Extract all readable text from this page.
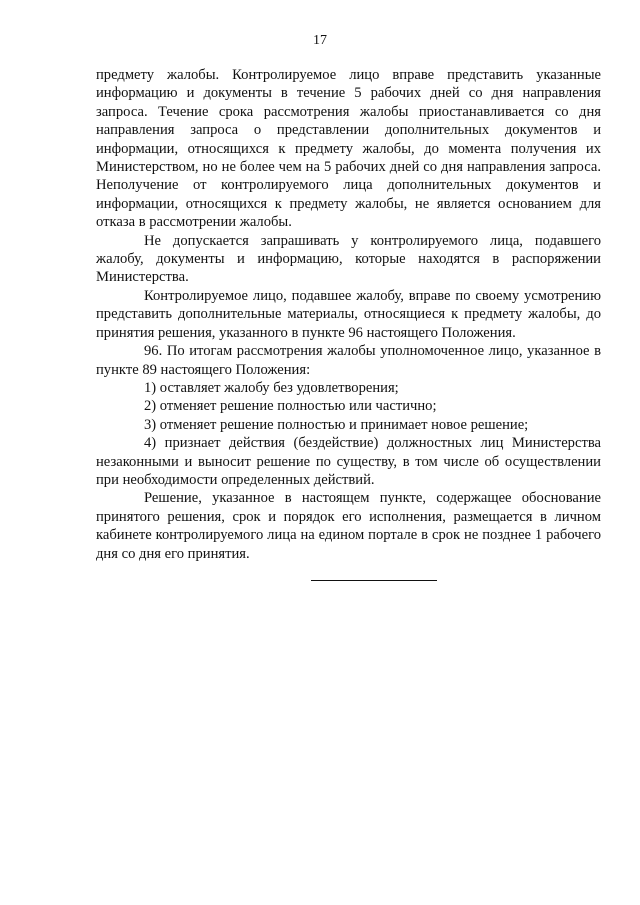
17

предмету жалобы. Контролируемое лицо вправе представить указанные информацию и документы в течение 5 рабочих дней со дня направления запроса. Течение срока рассмотрения жалобы приостанавливается со дня направления запроса о представлении дополнительных документов и информации, относящихся к предмету жалобы, до момента получения их Министерством, но не более чем на 5 рабочих дней со дня направления запроса. Неполучение от контролируемого лица дополнительных документов и информации, относящихся к предмету жалобы, не является основанием для отказа в рассмотрении жалобы.

Не допускается запрашивать у контролируемого лица, подавшего жалобу, документы и информацию, которые находятся в распоряжении Министерства.

Контролируемое лицо, подавшее жалобу, вправе по своему усмотрению представить дополнительные материалы, относящиеся к предмету жалобы, до принятия решения, указанного в пункте 96 настоящего Положения.

96. По итогам рассмотрения жалобы уполномоченное лицо, указанное в пункте 89 настоящего Положения:

1) оставляет жалобу без удовлетворения;

2) отменяет решение полностью или частично;

3) отменяет решение полностью и принимает новое решение;

4) признает действия (бездействие) должностных лиц Министерства незаконными и выносит решение по существу, в том числе об осуществлении при необходимости определенных действий.

Решение, указанное в настоящем пункте, содержащее обоснование принятого решения, срок и порядок его исполнения, размещается в личном кабинете контролируемого лица на едином портале в срок не позднее 1 рабочего дня со дня его принятия.
